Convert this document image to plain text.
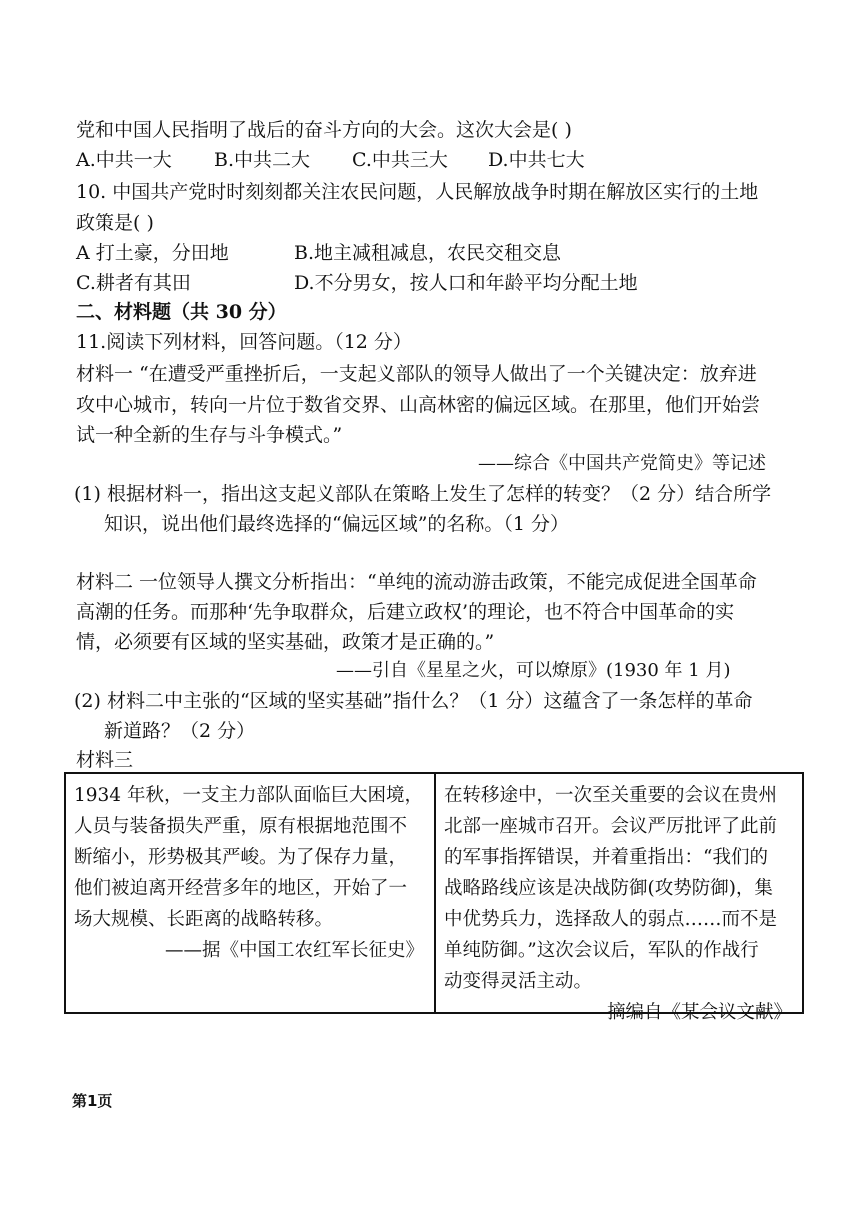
党和中国人民指明了战后的奋斗方向的大会。这次大会是( )
A.中共一大	B.中共二大	C.中共三大	D.中共七大
10. 中国共产党时时刻刻都关注农民问题，人民解放战争时期在解放区实行的土地
政策是( )
A 打土豪，分田地	B.地主减租减息，农民交租交息
C.耕者有其田	D.不分男女，按人口和年龄平均分配土地
二、材料题（共 30 分）
11.阅读下列材料，回答问题。（12 分）
材料一 “在遭受严重挫折后，一支起义部队的领导人做出了一个关键决定：放弃进
攻中心城市，转向一片位于数省交界、山高林密的偏远区域。在那里，他们开始尝
试一种全新的生存与斗争模式。”
——综合《中国共产党简史》等记述
(1) 根据材料一，指出这支起义部队在策略上发生了怎样的转变？（2 分）结合所学
知识，说出他们最终选择的“偏远区域”的名称。（1 分）
材料二 一位领导人撰文分析指出：“单纯的流动游击政策，不能完成促进全国革命
高潮的任务。而那种‘先争取群众，后建立政权’的理论，也不符合中国革命的实
情，必须要有区域的坚实基础，政策才是正确的。”
——引自《星星之火，可以燎原》(1930 年 1 月)
(2) 材料二中主张的“区域的坚实基础”指什么？（1 分）这蕴含了一条怎样的革命
新道路？（2 分）
材料三
1934 年秋，一支主力部队面临巨大困境，
人员与装备损失严重，原有根据地范围不
断缩小，形势极其严峻。为了保存力量，
他们被迫离开经营多年的地区，开始了一
场大规模、长距离的战略转移。
——据《中国工农红军长征史》
在转移途中，一次至关重要的会议在贵州
北部一座城市召开。会议严厉批评了此前
的军事指挥错误，并着重指出：“我们的
战略路线应该是决战防御(攻势防御)，集
中优势兵力，选择敌人的弱点……而不是
单纯防御。”这次会议后，军队的作战行
动变得灵活主动。
——摘编自《某会议文献》
第1页
